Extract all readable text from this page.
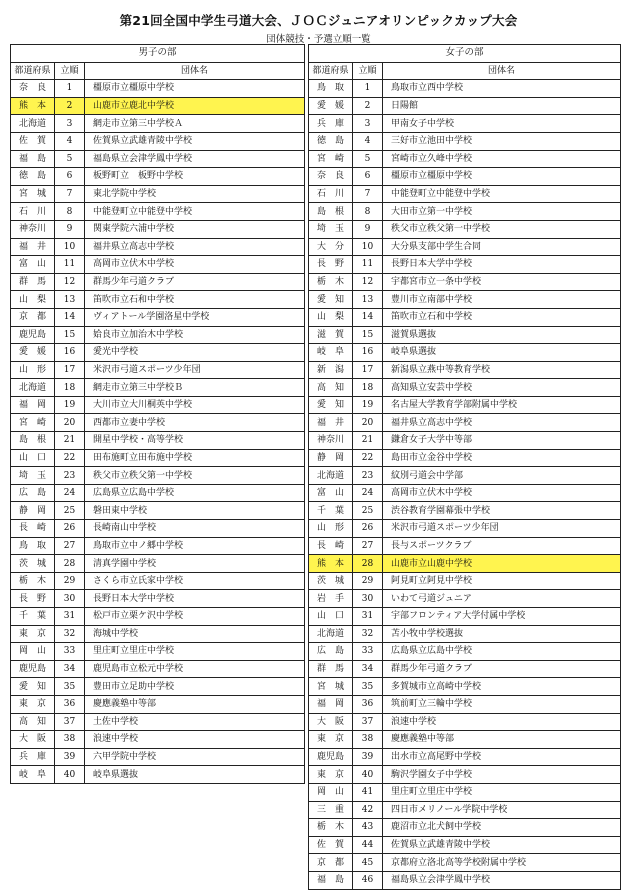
第21回全国中学生弓道大会、ＪＯＣジュニアオリンピックカップ大会
団体競技・予選立順一覧
男子の部		
都道府県	立順	団体名
奈　良	1	橿原市立橿原中学校
熊　本	2	山鹿市立鹿北中学校
北海道	3	網走市立第三中学校Ａ
佐　賀	4	佐賀県立武雄青陵中学校
福　島	5	福島県立会津学鳳中学校
徳　島	6	板野町立　板野中学校
宮　城	7	東北学院中学校
石　川	8	中能登町立中能登中学校
神奈川	9	関東学院六浦中学校
福　井	10	福井県立高志中学校
富　山	11	高岡市立伏木中学校
群　馬	12	群馬少年弓道クラブ
山　梨	13	笛吹市立石和中学校
京　都	14	ヴィアトール学園洛星中学校
鹿児島	15	姶良市立加治木中学校
愛　媛	16	愛光中学校
山　形	17	米沢市弓道スポーツ少年団
北海道	18	網走市立第三中学校Ｂ
福　岡	19	大川市立大川桐英中学校
宮　崎	20	西都市立妻中学校
島　根	21	開星中学校・高等学校
山　口	22	田布施町立田布施中学校
埼　玉	23	秩父市立秩父第一中学校
広　島	24	広島県立広島中学校
静　岡	25	磐田東中学校
長　崎	26	長崎南山中学校
鳥　取	27	鳥取市立中ノ郷中学校
茨　城	28	清真学園中学校
栃　木	29	さくら市立氏家中学校
長　野	30	長野日本大学中学校
千　葉	31	松戸市立栗ケ沢中学校
東　京	32	海城中学校
岡　山	33	里庄町立里庄中学校
鹿児島	34	鹿児島市立松元中学校
愛　知	35	豊田市立足助中学校
東　京	36	慶應義塾中等部
高　知	37	土佐中学校
大　阪	38	浪速中学校
兵　庫	39	六甲学院中学校
岐　阜	40	岐阜県選抜
女子の部		
都道府県	立順	団体名
鳥　取	1	鳥取市立西中学校
愛　媛	2	日陽館
兵　庫	3	甲南女子中学校
徳　島	4	三好市立池田中学校
宮　崎	5	宮崎市立久峰中学校
奈　良	6	橿原市立橿原中学校
石　川	7	中能登町立中能登中学校
島　根	8	大田市立第一中学校
埼　玉	9	秩父市立秩父第一中学校
大　分	10	大分県支部中学生合同
長　野	11	長野日本大学中学校
栃　木	12	宇都宮市立一条中学校
愛　知	13	豊川市立南部中学校
山　梨	14	笛吹市立石和中学校
滋　賀	15	滋賀県選抜
岐　阜	16	岐阜県選抜
新　潟	17	新潟県立燕中等教育学校
高　知	18	高知県立安芸中学校
愛　知	19	名古屋大学教育学部附属中学校
福　井	20	福井県立高志中学校
神奈川	21	鎌倉女子大学中等部
静　岡	22	島田市立金谷中学校
北海道	23	紋別弓道会中学部
富　山	24	高岡市立伏木中学校
千　葉	25	渋谷教育学園幕張中学校
山　形	26	米沢市弓道スポーツ少年団
長　崎	27	長与スポーツクラブ
熊　本	28	山鹿市立山鹿中学校
茨　城	29	阿見町立阿見中学校
岩　手	30	いわて弓道ジュニア
山　口	31	宇部フロンティア大学付属中学校
北海道	32	苫小牧中学校選抜
広　島	33	広島県立広島中学校
群　馬	34	群馬少年弓道クラブ
宮　城	35	多賀城市立高崎中学校
福　岡	36	筑前町立三輪中学校
大　阪	37	浪速中学校
東　京	38	慶應義塾中等部
鹿児島	39	出水市立高尾野中学校
東　京	40	駒沢学園女子中学校
岡　山	41	里庄町立里庄中学校
三　重	42	四日市メリノール学院中学校
栃　木	43	鹿沼市立北犬飼中学校
佐　賀	44	佐賀県立武雄青陵中学校
京　都	45	京都府立洛北高等学校附属中学校
福　島	46	福島県立会津学鳳中学校
